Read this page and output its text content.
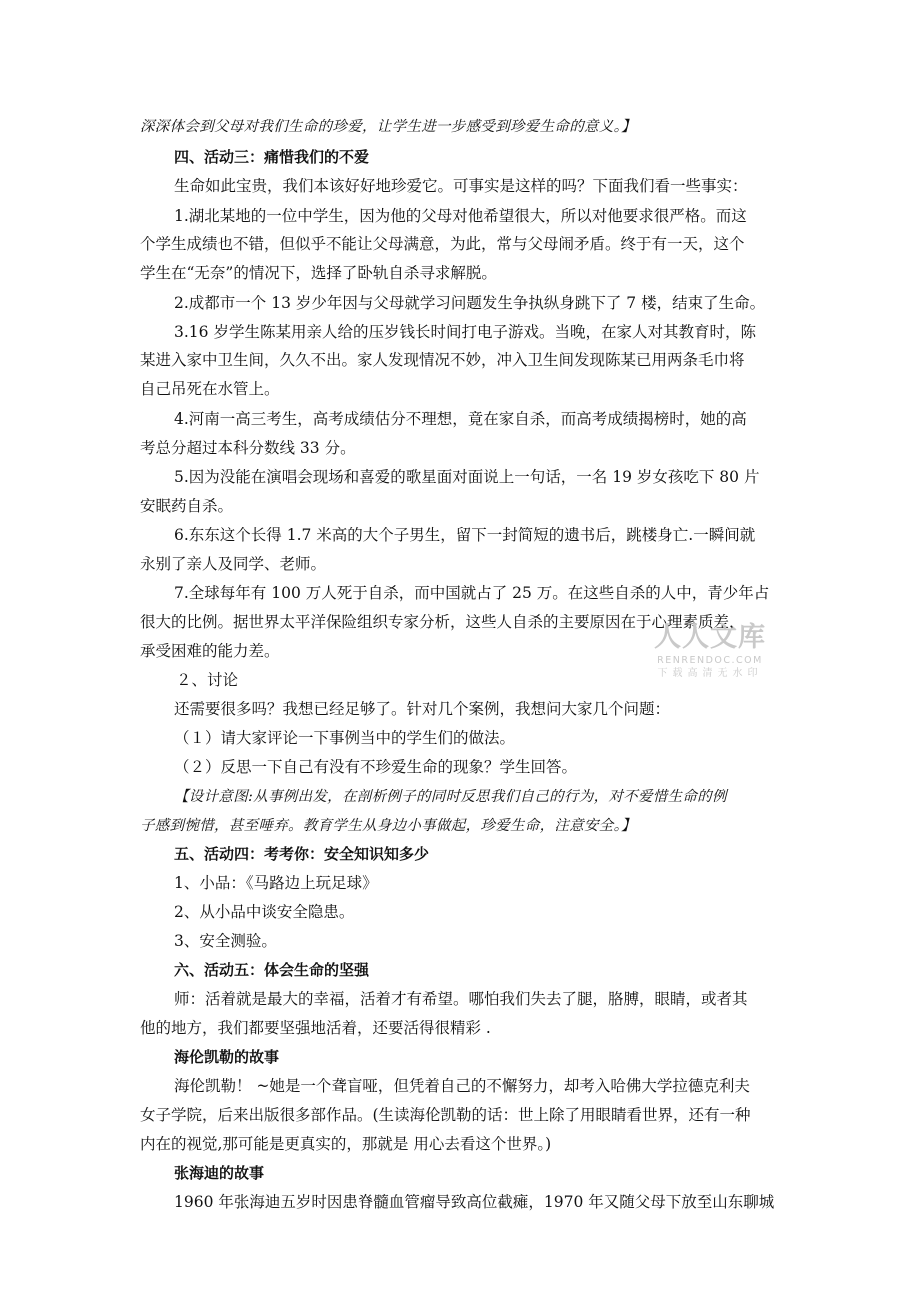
深深体会到父母对我们生命的珍爱，让学生进一步感受到珍爱生命的意义。】
四、活动三：痛惜我们的不爱
生命如此宝贵，我们本该好好地珍爱它。可事实是这样的吗？下面我们看一些事实：
1.湖北某地的一位中学生，因为他的父母对他希望很大，所以对他要求很严格。而这
个学生成绩也不错，但似乎不能让父母满意，为此，常与父母闹矛盾。终于有一天，这个
学生在“无奈”的情况下，选择了卧轨自杀寻求解脱。
2.成都市一个 13 岁少年因与父母就学习问题发生争执纵身跳下了 7 楼，结束了生命。
3.16 岁学生陈某用亲人给的压岁钱长时间打电子游戏。当晚，在家人对其教育时，陈
某进入家中卫生间，久久不出。家人发现情况不妙，冲入卫生间发现陈某已用两条毛巾将
自己吊死在水管上。
4.河南一高三考生，高考成绩估分不理想，竟在家自杀，而高考成绩揭榜时，她的高
考总分超过本科分数线 33 分。
5.因为没能在演唱会现场和喜爱的歌星面对面说上一句话，一名 19 岁女孩吃下 80 片
安眠药自杀。
6.东东这个长得 1.7 米高的大个子男生，留下一封简短的遗书后，跳楼身亡.一瞬间就
永别了亲人及同学、老师。
7.全球每年有 100 万人死于自杀，而中国就占了 25 万。在这些自杀的人中，青少年占
很大的比例。据世界太平洋保险组织专家分析，这些人自杀的主要原因在于心理素质差，
承受困难的能力差。
２、讨论
还需要很多吗？我想已经足够了。针对几个案例，我想问大家几个问题：
（１）请大家评论一下事例当中的学生们的做法。
（２）反思一下自己有没有不珍爱生命的现象？学生回答。
【设计意图:从事例出发，在剖析例子的同时反思我们自己的行为，对不爱惜生命的例
子感到惋惜，甚至唾弃。教育学生从身边小事做起，珍爱生命，注意安全。】
五、活动四：考考你：安全知识知多少
1、小品：《马路边上玩足球》
2、从小品中谈安全隐患。
3、安全测验。
六、活动五：体会生命的坚强
师：活着就是最大的幸福，活着才有希望。哪怕我们失去了腿，胳膊，眼睛，或者其
他的地方，我们都要坚强地活着，还要活得很精彩 .
海伦凯勒的故事
海伦凯勒！ ~她是一个聋盲哑，但凭着自己的不懈努力，却考入哈佛大学拉德克利夫
女子学院，后来出版很多部作品。(生读海伦凯勒的话：世上除了用眼睛看世界，还有一种
内在的视觉,那可能是更真实的，那就是 用心去看这个世界。)
张海迪的故事
1960 年张海迪五岁时因患脊髓血管瘤导致高位截瘫，1970 年又随父母下放至山东聊城
人人文库
RENRENDOC.COM
下载高清无水印
